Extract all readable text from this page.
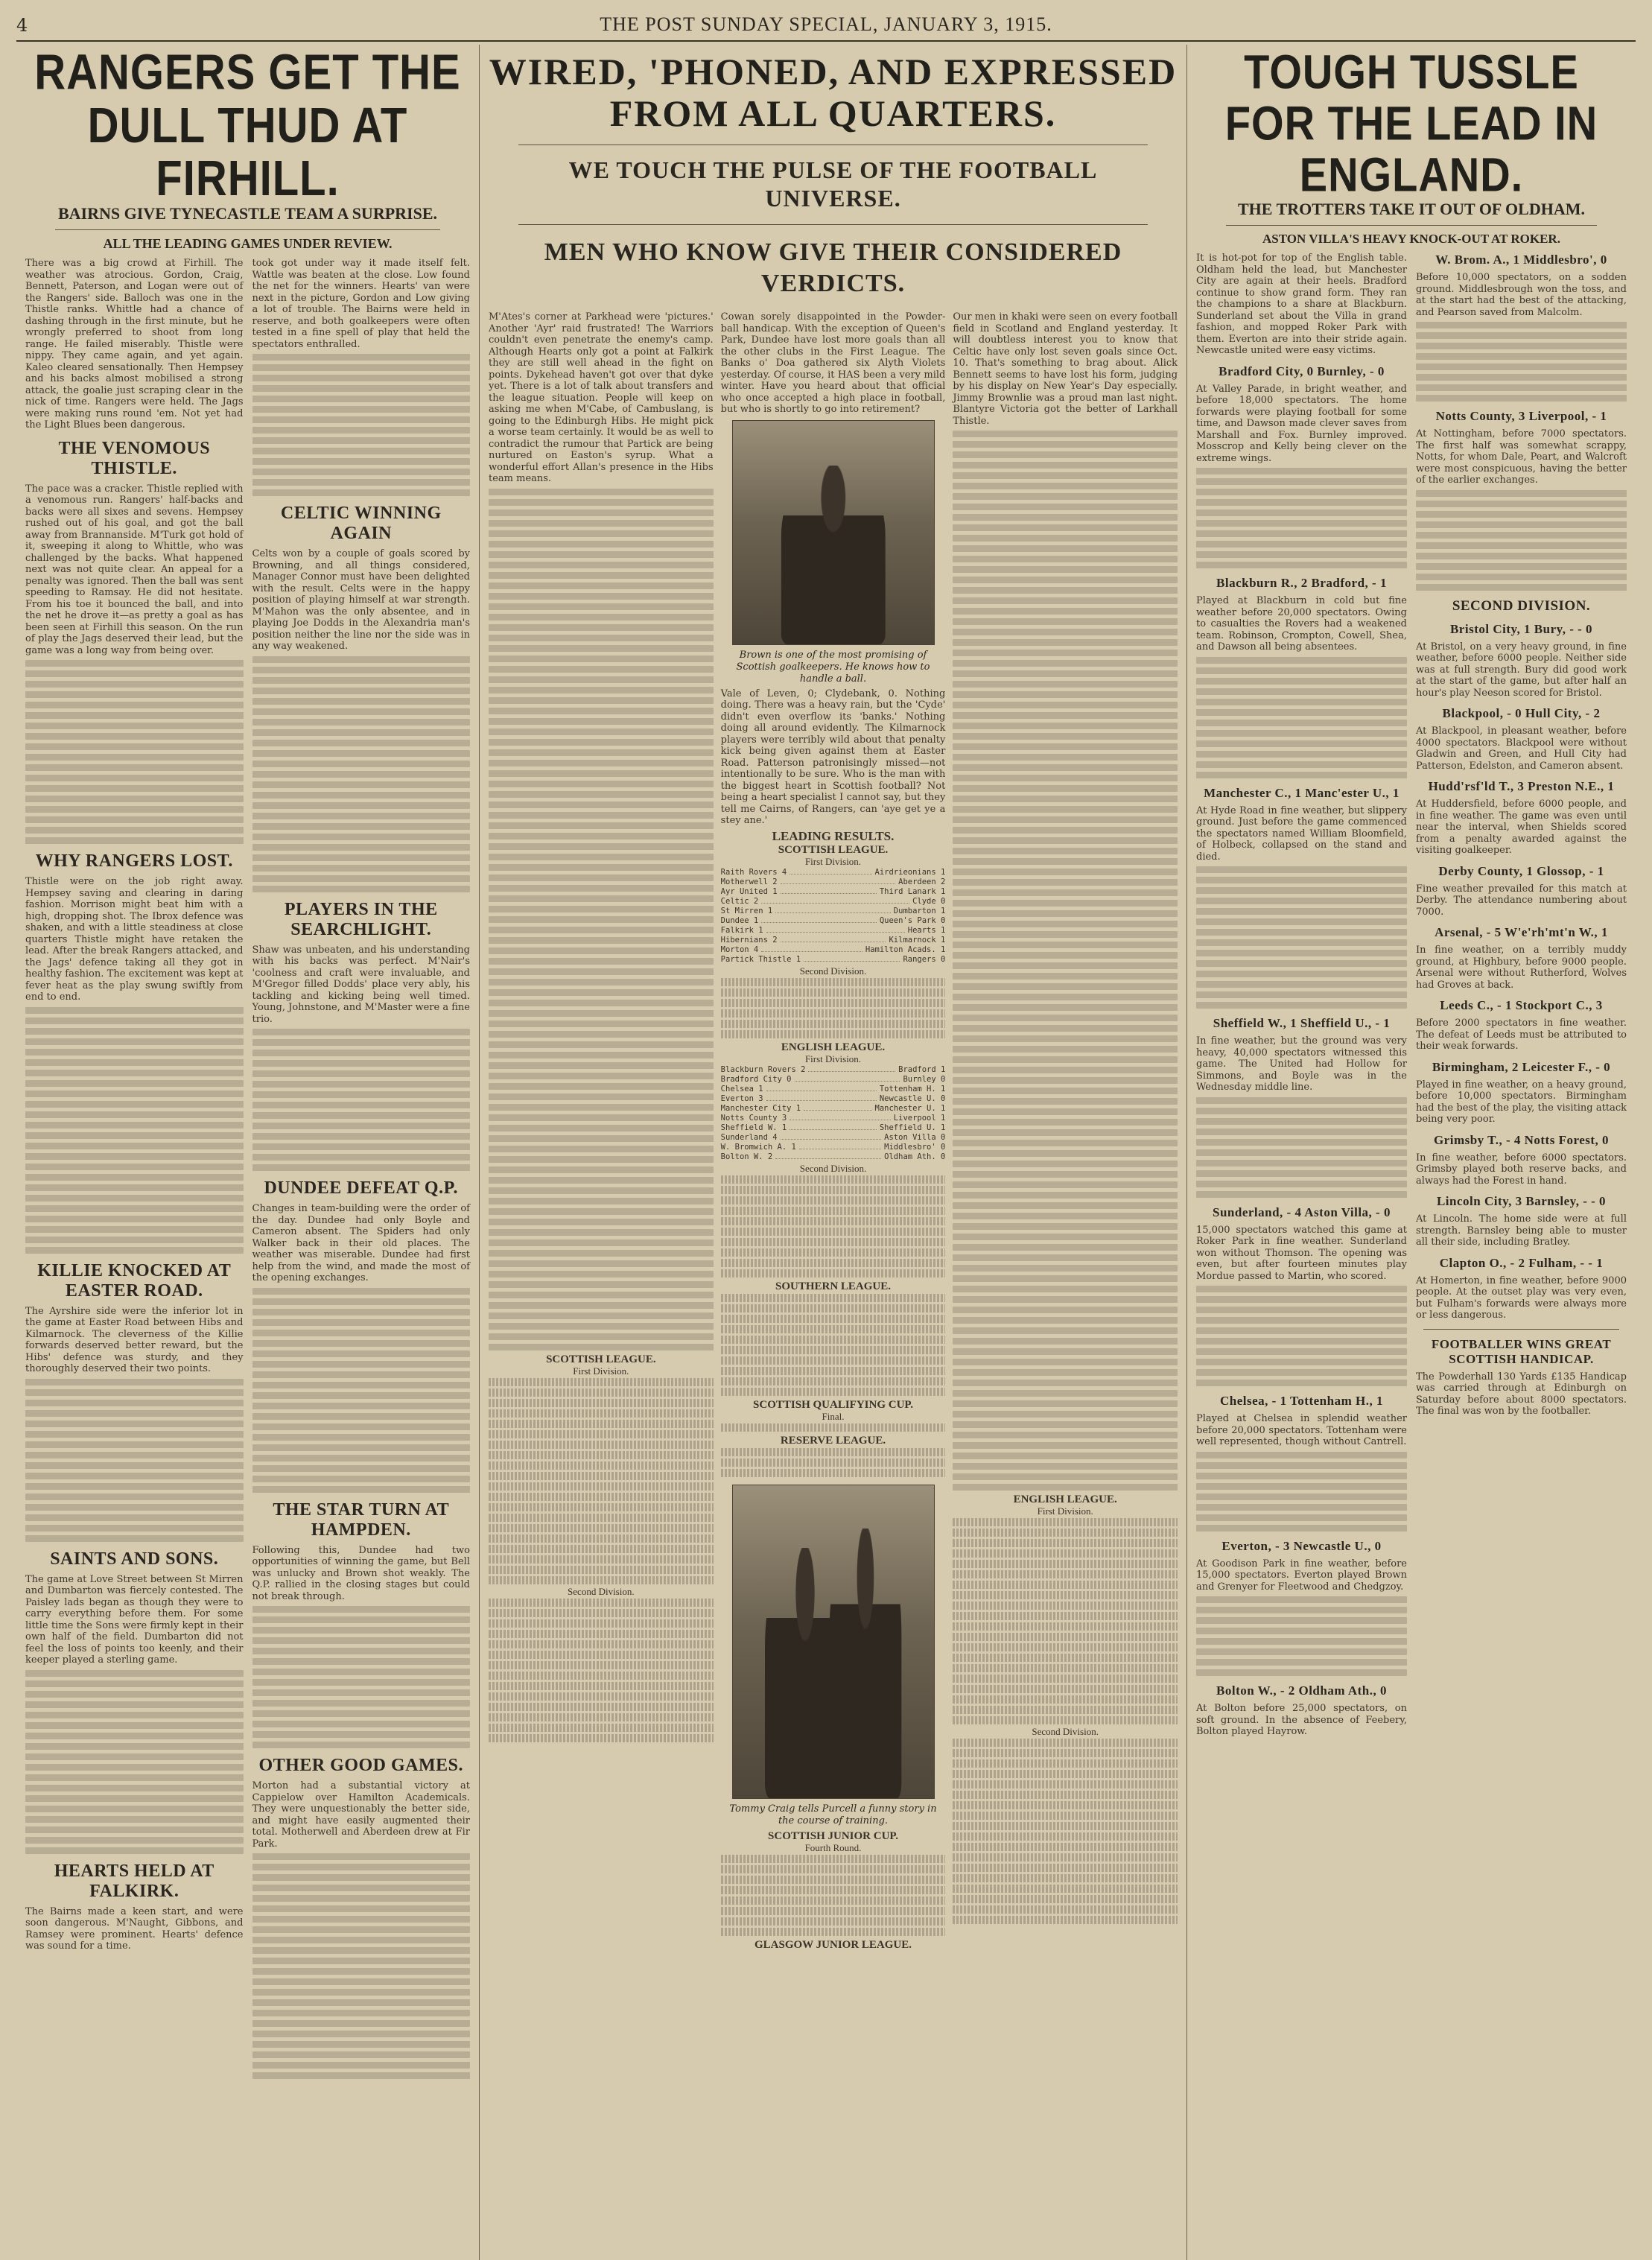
4	THE POST SUNDAY SPECIAL, JANUARY 3, 1915.
RANGERS GET THE DULL THUD AT FIRHILL.
BAIRNS GIVE TYNECASTLE TEAM A SURPRISE.
ALL THE LEADING GAMES UNDER REVIEW.
There was a big crowd at Firhill. The weather was atrocious. Gordon, Craig, Bennett, Paterson, and Logan were out of the Rangers' side. Balloch was one in the Thistle ranks. Whittle had a chance of dashing through in the first minute, but he wrongly preferred to shoot from long range. He failed miserably. Thistle were nippy. They came again, and yet again. Kaleo cleared sensationally. Then Hempsey and his backs almost mobilised a strong attack, the goalie just scraping clear in the nick of time. Rangers were held. The Jags were making runs round 'em. Not yet had the Light Blues been dangerous.
THE VENOMOUS THISTLE.
The pace was a cracker. Thistle replied with a venomous run. Rangers' half-backs and backs were all sixes and sevens. Hempsey rushed out of his goal, and got the ball away from Brannanside. M'Turk got hold of it, sweeping it along to Whittle, who was challenged by the backs. What happened next was not quite clear. An appeal for a penalty was ignored. Then the ball was sent speeding to Ramsay. He did not hesitate. From his toe it bounced the ball, and into the net he drove it—as pretty a goal as has been seen at Firhill this season. On the run of play the Jags deserved their lead, but the game was a long way from being over.
WHY RANGERS LOST.
Thistle were on the job right away. Hempsey saving and clearing in daring fashion. Morrison might beat him with a high, dropping shot. The Ibrox defence was shaken, and with a little steadiness at close quarters Thistle might have retaken the lead. After the break Rangers attacked, and the Jags' defence taking all they got in healthy fashion. The excitement was kept at fever heat as the play swung swiftly from end to end.
KILLIE KNOCKED AT EASTER ROAD.
The Ayrshire side were the inferior lot in the game at Easter Road between Hibs and Kilmarnock. The cleverness of the Killie forwards deserved better reward, but the Hibs' defence was sturdy, and they thoroughly deserved their two points.
SAINTS AND SONS.
The game at Love Street between St Mirren and Dumbarton was fiercely contested. The Paisley lads began as though they were to carry everything before them. For some little time the Sons were firmly kept in their own half of the field. Dumbarton did not feel the loss of points too keenly, and their keeper played a sterling game.
HEARTS HELD AT FALKIRK.
The Bairns made a keen start, and were soon dangerous. M'Naught, Gibbons, and Ramsey were prominent. Hearts' defence was sound for a time.
took got under way it made itself felt. Wattle was beaten at the close. Low found the net for the winners. Hearts' van were next in the picture, Gordon and Low giving a lot of trouble. The Bairns were held in reserve, and both goalkeepers were often tested in a fine spell of play that held the spectators enthralled.
CELTIC WINNING AGAIN
Celts won by a couple of goals scored by Browning, and all things considered, Manager Connor must have been delighted with the result. Celts were in the happy position of playing himself at war strength. M'Mahon was the only absentee, and in playing Joe Dodds in the Alexandria man's position neither the line nor the side was in any way weakened.
PLAYERS IN THE SEARCHLIGHT.
Shaw was unbeaten, and his understanding with his backs was perfect. M'Nair's 'coolness and craft were invaluable, and M'Gregor filled Dodds' place very ably, his tackling and kicking being well timed. Young, Johnstone, and M'Master were a fine trio.
DUNDEE DEFEAT Q.P.
Changes in team-building were the order of the day. Dundee had only Boyle and Cameron absent. The Spiders had only Walker back in their old places. The weather was miserable. Dundee had first help from the wind, and made the most of the opening exchanges.
THE STAR TURN AT HAMPDEN.
Following this, Dundee had two opportunities of winning the game, but Bell was unlucky and Brown shot weakly. The Q.P. rallied in the closing stages but could not break through.
OTHER GOOD GAMES.
Morton had a substantial victory at Cappielow over Hamilton Academicals. They were unquestionably the better side, and might have easily augmented their total. Motherwell and Aberdeen drew at Fir Park.
WIRED, 'PHONED, AND EXPRESSED FROM ALL QUARTERS.
WE TOUCH THE PULSE OF THE FOOTBALL UNIVERSE.
MEN WHO KNOW GIVE THEIR CONSIDERED VERDICTS.
M'Ates's corner at Parkhead were 'pictures.' Another 'Ayr' raid frustrated! The Warriors couldn't even penetrate the enemy's camp. Although Hearts only got a point at Falkirk they are still well ahead in the fight on points. Dykehead haven't got over that dyke yet. There is a lot of talk about transfers and the league situation. People will keep on asking me when M'Cabe, of Cambuslang, is going to the Edinburgh Hibs. He might pick a worse team certainly. It would be as well to contradict the rumour that Partick are being nurtured on Easton's syrup. What a wonderful effort Allan's presence in the Hibs team means.
SCOTTISH LEAGUE.
First Division.
Second Division.
Cowan sorely disappointed in the Powder-ball handicap. With the exception of Queen's Park, Dundee have lost more goals than all the other clubs in the First League. The Banks o' Doa gathered six Alyth Violets yesterday. Of course, it HAS been a very mild winter. Have you heard about that official who once accepted a high place in football, but who is shortly to go into retirement?
Brown is one of the most promising of Scottish goalkeepers. He knows how to handle a ball.
Vale of Leven, 0; Clydebank, 0. Nothing doing. There was a heavy rain, but the 'Cyde' didn't even overflow its 'banks.' Nothing doing all around evidently. The Kilmarnock players were terribly wild about that penalty kick being given against them at Easter Road. Patterson patronisingly missed—not intentionally to be sure. Who is the man with the biggest heart in Scottish football? Not being a heart specialist I cannot say, but they tell me Cairns, of Rangers, can 'aye get ye a stey ane.'
LEADING RESULTS.
SCOTTISH LEAGUE.
First Division.
Raith Rovers 4	Airdrieonians 1
Motherwell 2	Aberdeen 2
Ayr United 1	Third Lanark 1
Celtic 2	Clyde 0
St Mirren 1	Dumbarton 1
Dundee 1	Queen's Park 0
Falkirk 1	Hearts 1
Hibernians 2	Kilmarnock 1
Morton 4	Hamilton Acads. 1
Partick Thistle 1	Rangers 0
Second Division.
ENGLISH LEAGUE.
First Division.
Blackburn Rovers 2	Bradford 1
Bradford City 0	Burnley 0
Chelsea 1	Tottenham H. 1
Everton 3	Newcastle U. 0
Manchester City 1	Manchester U. 1
Notts County 3	Liverpool 1
Sheffield W. 1	Sheffield U. 1
Sunderland 4	Aston Villa 0
W. Bromwich A. 1	Middlesbro' 0
Bolton W. 2	Oldham Ath. 0
Second Division.
SOUTHERN LEAGUE.
SCOTTISH QUALIFYING CUP.
Final.
RESERVE LEAGUE.
Tommy Craig tells Purcell a funny story in the course of training.
SCOTTISH JUNIOR CUP.
Fourth Round.
GLASGOW JUNIOR LEAGUE.
Our men in khaki were seen on every football field in Scotland and England yesterday. It will doubtless interest you to know that Celtic have only lost seven goals since Oct. 10. That's something to brag about. Alick Bennett seems to have lost his form, judging by his display on New Year's Day especially. Jimmy Brownlie was a proud man last night. Blantyre Victoria got the better of Larkhall Thistle.
ENGLISH LEAGUE.
First Division.
Second Division.
TOUGH TUSSLE FOR THE LEAD IN ENGLAND.
THE TROTTERS TAKE IT OUT OF OLDHAM.
ASTON VILLA'S HEAVY KNOCK-OUT AT ROKER.
It is hot-pot for top of the English table. Oldham held the lead, but Manchester City are again at their heels. Bradford continue to show grand form. They ran the champions to a share at Blackburn. Sunderland set about the Villa in grand fashion, and mopped Roker Park with them. Everton are into their stride again. Newcastle united were easy victims.
Bradford City, 0 Burnley, - 0
At Valley Parade, in bright weather, and before 18,000 spectators. The home forwards were playing football for some time, and Dawson made clever saves from Marshall and Fox. Burnley improved. Mosscrop and Kelly being clever on the extreme wings.
Blackburn R., 2 Bradford, - 1
Played at Blackburn in cold but fine weather before 20,000 spectators. Owing to casualties the Rovers had a weakened team. Robinson, Crompton, Cowell, Shea, and Dawson all being absentees.
Manchester C., 1 Manc'ester U., 1
At Hyde Road in fine weather, but slippery ground. Just before the game commenced the spectators named William Bloomfield, of Holbeck, collapsed on the stand and died.
Sheffield W., 1 Sheffield U., - 1
In fine weather, but the ground was very heavy, 40,000 spectators witnessed this game. The United had Hollow for Simmons, and Boyle was in the Wednesday middle line.
Sunderland, - 4 Aston Villa, - 0
15,000 spectators watched this game at Roker Park in fine weather. Sunderland won without Thomson. The opening was even, but after fourteen minutes play Mordue passed to Martin, who scored.
Chelsea, - 1 Tottenham H., 1
Played at Chelsea in splendid weather before 20,000 spectators. Tottenham were well represented, though without Cantrell.
Everton, - 3 Newcastle U., 0
At Goodison Park in fine weather, before 15,000 spectators. Everton played Brown and Grenyer for Fleetwood and Chedgzoy.
Bolton W., - 2 Oldham Ath., 0
At Bolton before 25,000 spectators, on soft ground. In the absence of Feebery, Bolton played Hayrow.
W. Brom. A., 1 Middlesbro', 0
Before 10,000 spectators, on a sodden ground. Middlesbrough won the toss, and at the start had the best of the attacking, and Pearson saved from Malcolm.
Notts County, 3 Liverpool, - 1
At Nottingham, before 7000 spectators. The first half was somewhat scrappy, Notts, for whom Dale, Peart, and Walcroft were most conspicuous, having the better of the earlier exchanges.
SECOND DIVISION.
Bristol City, 1 Bury, - - 0
At Bristol, on a very heavy ground, in fine weather, before 6000 people. Neither side was at full strength. Bury did good work at the start of the game, but after half an hour's play Neeson scored for Bristol.
Blackpool, - 0 Hull City, - 2
At Blackpool, in pleasant weather, before 4000 spectators. Blackpool were without Gladwin and Green, and Hull City had Patterson, Edelston, and Cameron absent.
Hudd'rsf'ld T., 3 Preston N.E., 1
At Huddersfield, before 6000 people, and in fine weather. The game was even until near the interval, when Shields scored from a penalty awarded against the visiting goalkeeper.
Derby County, 1 Glossop, - 1
Fine weather prevailed for this match at Derby. The attendance numbering about 7000.
Arsenal, - 5 W'e'rh'mt'n W., 1
In fine weather, on a terribly muddy ground, at Highbury, before 9000 people. Arsenal were without Rutherford, Wolves had Groves at back.
Leeds C., - 1 Stockport C., 3
Before 2000 spectators in fine weather. The defeat of Leeds must be attributed to their weak forwards.
Birmingham, 2 Leicester F., - 0
Played in fine weather, on a heavy ground, before 10,000 spectators. Birmingham had the best of the play, the visiting attack being very poor.
Grimsby T., - 4 Notts Forest, 0
In fine weather, before 6000 spectators. Grimsby played both reserve backs, and always had the Forest in hand.
Lincoln City, 3 Barnsley, - - 0
At Lincoln. The home side were at full strength. Barnsley being able to muster all their side, including Bratley.
Clapton O., - 2 Fulham, - - 1
At Homerton, in fine weather, before 9000 people. At the outset play was very even, but Fulham's forwards were always more or less dangerous.
FOOTBALLER WINS GREAT SCOTTISH HANDICAP.
The Powderhall 130 Yards £135 Handicap was carried through at Edinburgh on Saturday before about 8000 spectators. The final was won by the footballer.
